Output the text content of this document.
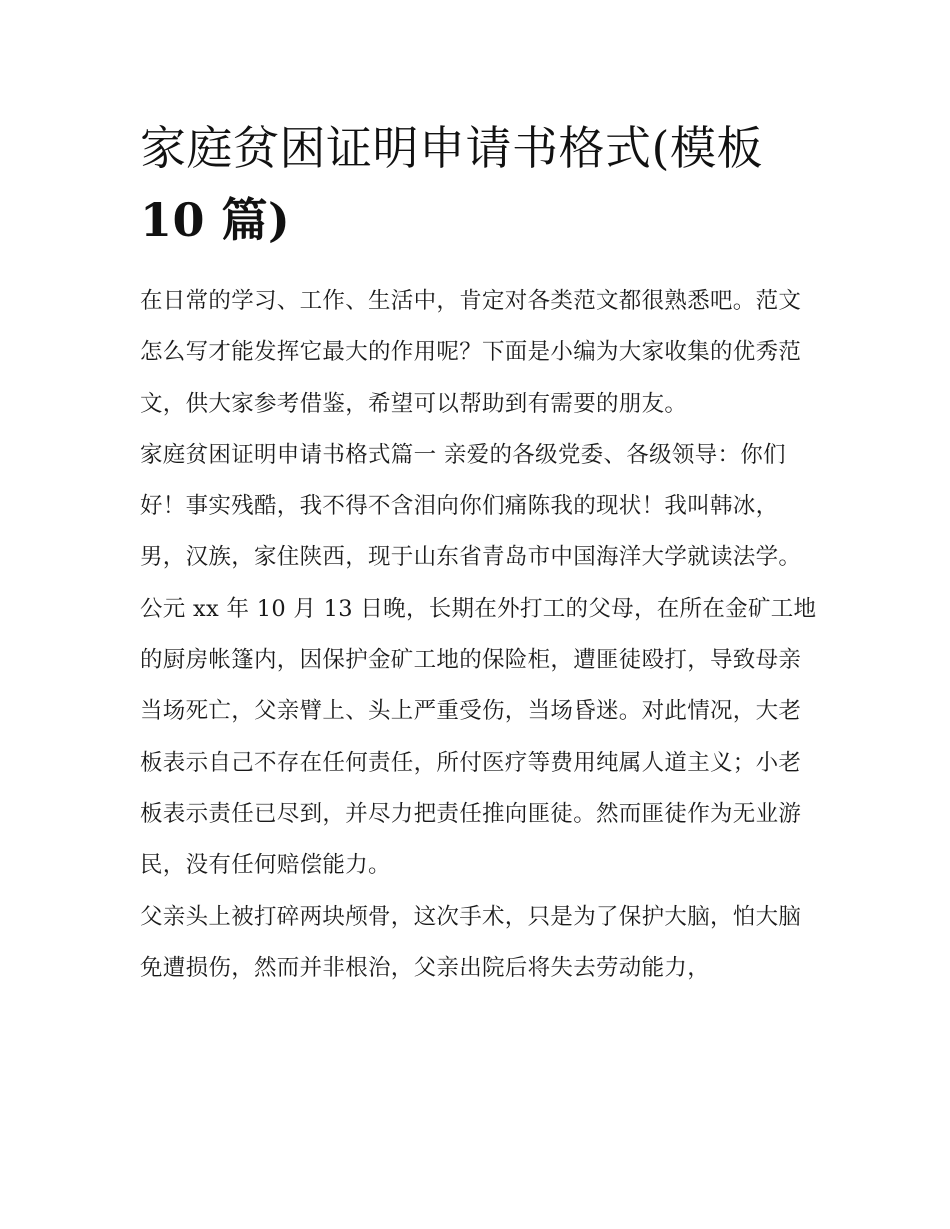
家庭贫困证明申请书格式(模板
10 篇)

在日常的学习、工作、生活中，肯定对各类范文都很熟悉吧。范文怎么写才能发挥它最大的作用呢？下面是小编为大家收集的优秀范文，供大家参考借鉴，希望可以帮助到有需要的朋友。

家庭贫困证明申请书格式篇一 亲爱的各级党委、各级领导：你们好！事实残酷，我不得不含泪向你们痛陈我的现状！我叫韩冰，男，汉族，家住陕西，现于山东省青岛市中国海洋大学就读法学。

公元 xx 年 10 月 13 日晚，长期在外打工的父母，在所在金矿工地的厨房帐篷内，因保护金矿工地的保险柜，遭匪徒殴打，导致母亲当场死亡，父亲臂上、头上严重受伤，当场昏迷。对此情况，大老板表示自己不存在任何责任，所付医疗等费用纯属人道主义；小老板表示责任已尽到，并尽力把责任推向匪徒。然而匪徒作为无业游民，没有任何赔偿能力。

父亲头上被打碎两块颅骨，这次手术，只是为了保护大脑，怕大脑免遭损伤，然而并非根治，父亲出院后将失去劳动能力，
